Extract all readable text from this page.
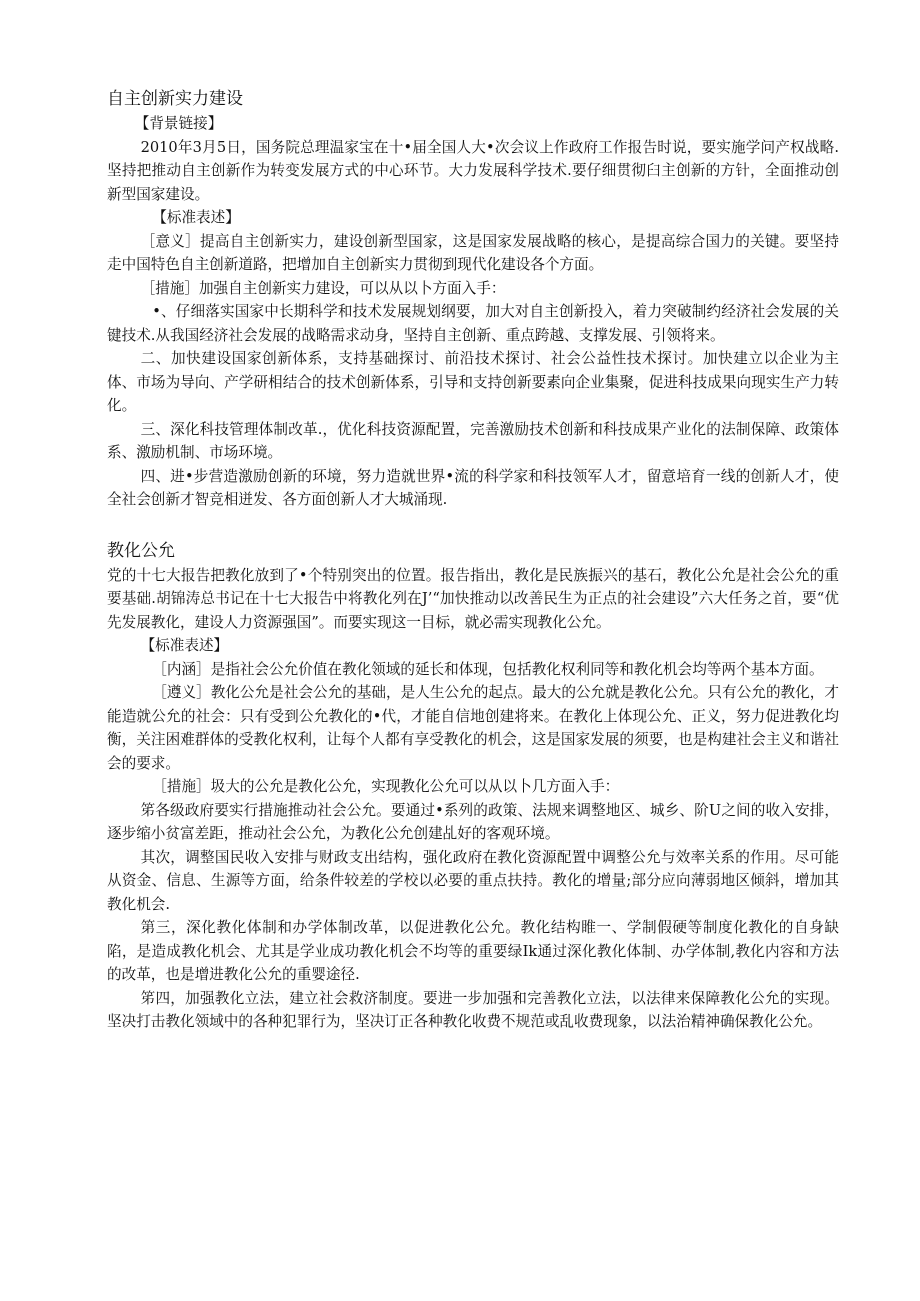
自主创新实力建设
【背景链接】

2010年3月5日，国务院总理温家宝在十•届全国人大•次会议上作政府工作报告时说，要实施学问产权战略.坚持把推动自主创新作为转变发展方式的中心环节。大力发展科学技术.要仔细贯彻臼主创新的方针，全面推动创新型国家建设。

【标准表述】

［意义］提高自主创新实力，建设创新型国家，这是国家发展战略的核心，是提高综合国力的关键。要坚持走中国特色自主创新道路，把增加自主创新实力贯彻到现代化建设各个方面。

［措施］加强自主创新实力建设，可以从以卜方面入手：

•、仔细落实国家中长期科学和技术发展规划纲要，加大对自主创新投入，着力突破制约经济社会发展的关键技术.从我国经济社会发展的战略需求动身，坚持自主创新、重点跨越、支撑发展、引领将来。

二、加快建设国家创新体系，支持基础探讨、前沿技术探讨、社会公益性技术探讨。加快建立以企业为主体、市场为导向、产学研相结合的技术创新体系，引导和支持创新要素向企业集聚，促进科技成果向现实生产力转化。

三、深化科技管理体制改革.，优化科技资源配置，完善激励技术创新和科技成果产业化的法制保障、政策体系、激励机制、市场环境。

四、进•步营造激励创新的环境，努力造就世界•流的科学家和科技领军人才，留意培育一线的创新人才，使全社会创新才智竞相迸发、各方面创新人才大城涌现.

教化公允

党的十七大报告把教化放到了•个特别突出的位置。报告指出，教化是民族振兴的基石，教化公允是社会公允的重要基础.胡锦涛总书记在十七大报告中将教化列在J’“加快推动以改善民生为正点的社会建设”六大任务之首，要“优先发展教化，建设人力资源强国”。而要实现这一目标，就必需实现教化公允。

【标准表述】

［内涵］是指社会公允价值在教化领域的延长和体现，包括教化权利同等和教化机会均等两个基本方面。

［遵义］教化公允是社会公允的基础，是人生公允的起点。最大的公允就是教化公允。只有公允的教化，才能造就公允的社会：只有受到公允教化的•代，才能自信地创建将来。在教化上体现公允、正义，努力促进教化均衡，关注困难群体的受教化权利，让每个人都有享受教化的机会，这是国家发展的须要，也是构建社会主义和谐社会的要求。

［措施］圾大的公允是教化公允，实现教化公允可以从以卜几方面入手：

笫各级政府要实行措施推动社会公允。要通过•系列的政策、法规来调整地区、城乡、阶U之间的收入安排，逐步缩小贫富差距，推动社会公允，为教化公允创建乩好的客观环境。

其次，调整国民收入安排与财政支出结构，强化政府在教化资源配置中调整公允与效率关系的作用。尽可能从资金、信息、生源等方面，给条件较差的学校以必要的重点扶持。教化的增量;部分应向薄弱地区倾斜，增加其教化机会.

第三，深化教化体制和办学体制改革，以促进教化公允。教化结构睢一、学制假硬等制度化教化的自身缺陷，是造成教化机会、尤其是学业成功教化机会不均等的重要绿Ik通过深化教化体制、办学体制,教化内容和方法的改革，也是增进教化公允的重婴途径.

笫四，加强教化立法，建立社会救济制度。要进一步加强和完善教化立法，以法律来保障教化公允的实现。坚决打击教化领域中的各种犯罪行为，坚决订正各种教化收费不规范或乱收费现象，以法治精神确保教化公允。
